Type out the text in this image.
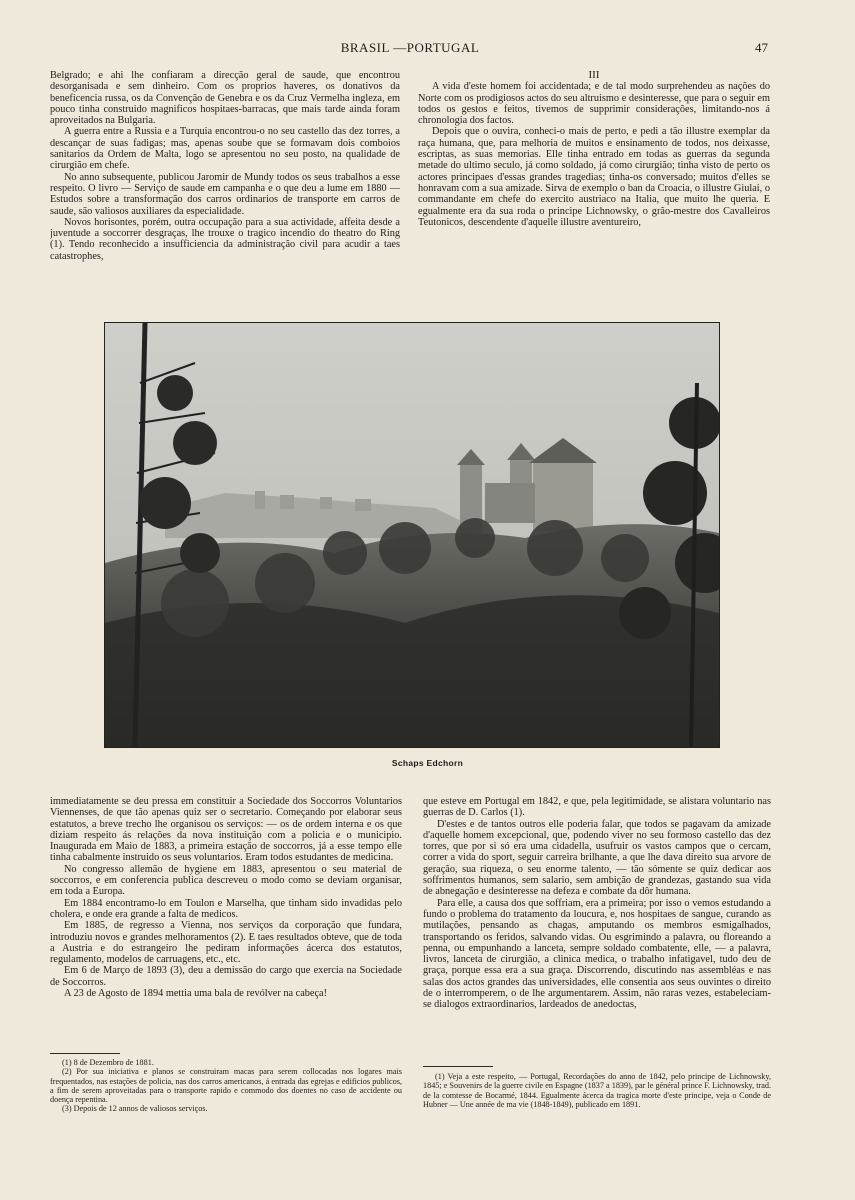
BRASIL —PORTUGAL	47

Belgrado; e ahi lhe confiaram a direcção geral de saude, que encontrou desorganisada e sem dinheiro. Com os proprios haveres, os donativos da beneficencia russa, os da Convenção de Genebra e os da Cruz Vermelha ingleza, em pouco tinha construido magnificos hospitaes-barracas, que mais tarde ainda foram aproveitados na Bulgaria.

A guerra entre a Russia e a Turquia encontrou-o no seu castello das dez torres, a descançar de suas fadigas; mas, apenas soube que se formavam dois comboios sanitarios da Ordem de Malta, logo se apresentou no seu posto, na qualidade de cirurgião em chefe.

No anno subsequente, publicou Jaromir de Mundy todos os seus trabalhos a esse respeito. O livro — Serviço de saude em campanha e o que deu a lume em 1880 — Estudos sobre a transformação dos carros ordinarios de transporte em carros de saude, são valiosos auxiliares da especialidade.

Novos horisontes, porém, outra occupação para a sua actividade, affeita desde a juventude a soccorrer desgraças, lhe trouxe o tragico incendio do theatro do Ring (1). Tendo reconhecido a insufficiencia da administração civil para acudir a taes catastrophes,

III

A vida d'este homem foi accidentada; e de tal modo surprehendeu as nações do Norte com os prodigiosos actos do seu altruismo e desinteresse, que para o seguir em todos os gestos e feitos, tivemos de supprimir considerações, limitando-nos á chronologia dos factos.

Depois que o ouvira, conheci-o mais de perto, e pedi a tão illustre exemplar da raça humana, que, para melhoria de muitos e ensinamento de todos, nos deixasse, escriptas, as suas memorias. Elle tinha entrado em todas as guerras da segunda metade do ultimo seculo, já como soldado, já como cirurgião; tinha visto de perto os actores principaes d'essas grandes tragedias; tinha-os conversado; muitos d'elles se honravam com a sua amizade. Sirva de exemplo o ban da Croacia, o illustre Giulai, o commandante em chefe do exercito austriaco na Italia, que muito lhe queria. E egualmente era da sua roda o principe Lichnowsky, o grão-mestre dos Cavalleiros Teutonicos, descendente d'aquelle illustre aventureiro,

Schaps Edchorn

immediatamente se deu pressa em constituir a Sociedade dos Soccorros Voluntarios Viennenses, de que tão apenas quiz ser o secretario. Começando por elaborar seus estatutos, a breve trecho lhe organisou os serviços: — os de ordem interna e os que diziam respeito ás relações da nova instituição com a policia e o municipio. Inaugurada em Maio de 1883, a primeira estação de soccorros, já a esse tempo elle tinha cabalmente instruido os seus voluntarios. Eram todos estudantes de medicina.

No congresso allemão de hygiene em 1883, apresentou o seu material de soccorros, e em conferencia publica descreveu o modo como se deviam organisar, em toda a Europa.

Em 1884 encontramo-lo em Toulon e Marselha, que tinham sido invadidas pelo cholera, e onde era grande a falta de medicos.

Em 1885, de regresso a Vienna, nos serviços da corporação que fundara, introduziu novos e grandes melhoramentos (2). E taes resultados obteve, que de toda a Austria e do estrangeiro lhe pediram informações ácerca dos estatutos, regulamento, modelos de carruagens, etc., etc.

Em 6 de Março de 1893 (3), deu a demissão do cargo que exercia na Sociedade de Soccorros.

A 23 de Agosto de 1894 mettia uma bala de revólver na cabeça!

que esteve em Portugal em 1842, e que, pela legitimidade, se alistara voluntario nas guerras de D. Carlos (1).

D'estes e de tantos outros elle poderia falar, que todos se pagavam da amizade d'aquelle homem excepcional, que, podendo viver no seu formoso castello das dez torres, que por si só era uma cidadella, usufruir os vastos campos que o cercam, correr a vida do sport, seguir carreira brilhante, a que lhe dava direito sua arvore de geração, sua riqueza, o seu enorme talento, — tão sómente se quiz dedicar aos soffrimentos humanos, sem salario, sem ambição de grandezas, gastando sua vida de abnegação e desinteresse na defeza e combate da dôr humana.

Para elle, a causa dos que soffriam, era a primeira; por isso o vemos estudando a fundo o problema do tratamento da loucura, e, nos hospitaes de sangue, curando as mutilações, pensando as chagas, amputando os membros esmigalhados, transportando os feridos, salvando vidas. Ou esgrimindo a palavra, ou floreando a penna, ou empunhando a lanceta, sempre soldado combatente, elle, — a palavra, livros, lanceta de cirurgião, a clinica medica, o trabalho infatigavel, tudo deu de graça, porque essa era a sua graça. Discorrendo, discutindo nas assembléas e nas salas dos actos grandes das universidades, elle consentia aos seus ouvintes o direito de o interromperem, o de lhe argumentarem. Assim, não raras vezes, estabeleciam-se dialogos extraordinarios, lardeados de anedoctas,

(1) 8 de Dezembro de 1881.

(2) Por sua iniciativa e planos se construiram macas para serem collocadas nos logares mais frequentados, nas estações de policia, nas dos carros americanos, á entrada das egrejas e edificios publicos, a fim de serem aproveitadas para o transporte rapido e commodo dos doentes no caso de accidente ou doença repentina.

(3) Depois de 12 annos de valiosos serviços.

(1) Veja a este respeito, — Portugal, Recordações do anno de 1842, pelo principe de Lichnowsky, 1845; e Souvenirs de la guerre civile en Espagne (1837 a 1839), par le général prince F. Lichnowsky, trad. de la comtesse de Bocarmé, 1844. Egualmente ácerca da tragica morte d'este principe, veja o Conde de Hubner — Une année de ma vie (1848-1849), publicado em 1891.
